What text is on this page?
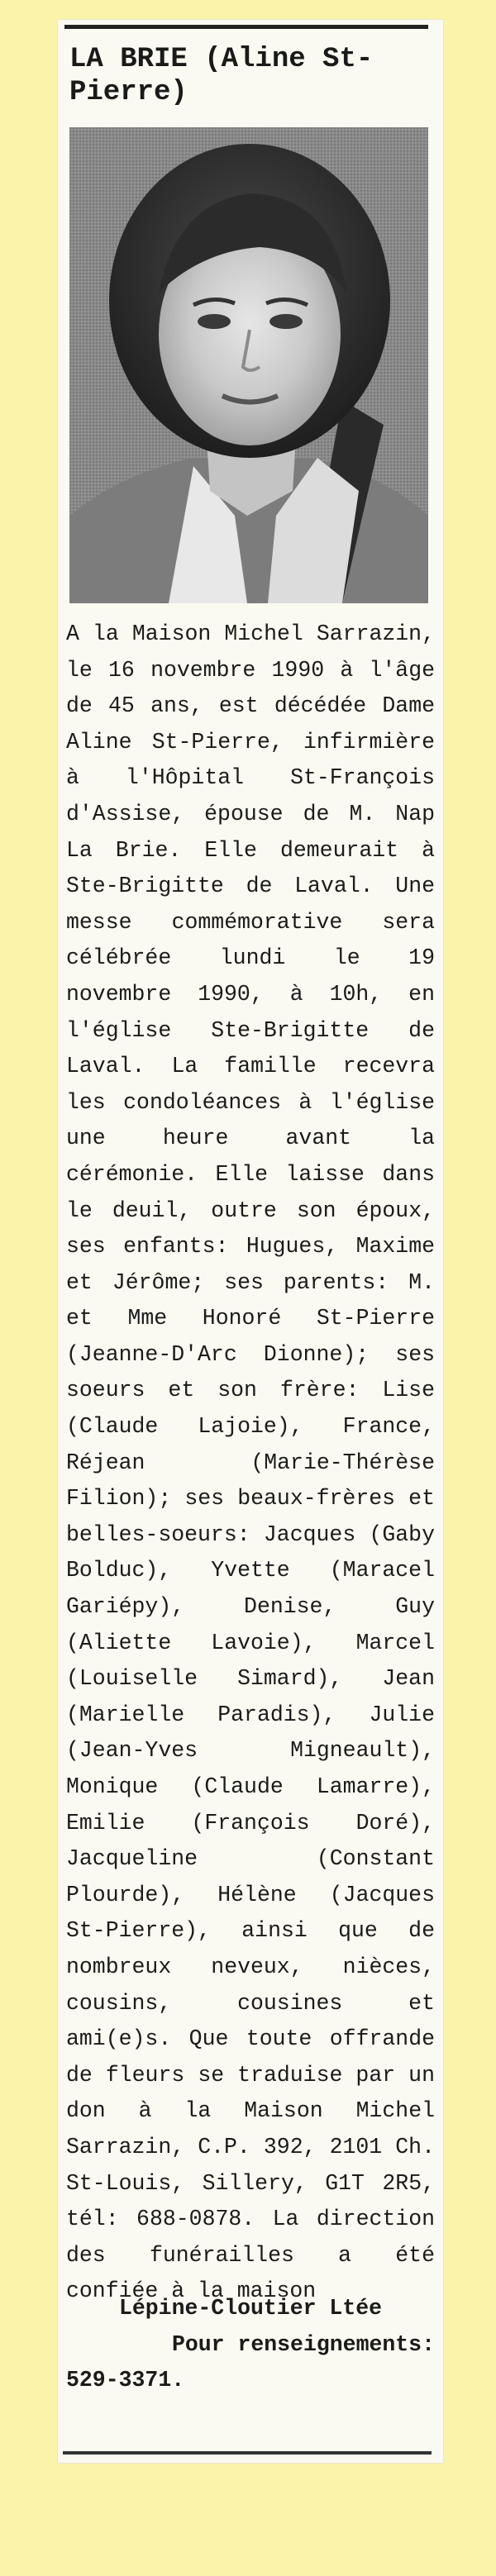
LA BRIE (Aline St-Pierre)

A la Maison Michel Sarrazin, le 16 novembre 1990 à l'âge de 45 ans, est décédée Dame Aline St-Pierre, infirmière à l'Hôpital St-François d'Assise, épouse de M. Nap La Brie. Elle demeurait à Ste-Brigitte de Laval. Une messe commémorative sera célébrée lundi le 19 novembre 1990, à 10h, en l'église Ste-Brigitte de Laval. La famille recevra les condoléances à l'église une heure avant la cérémonie. Elle laisse dans le deuil, outre son époux, ses enfants: Hugues, Maxime et Jérôme; ses parents: M. et Mme Honoré St-Pierre (Jeanne-D'Arc Dionne); ses soeurs et son frère: Lise (Claude Lajoie), France, Réjean (Marie-Thérèse Filion); ses beaux-frères et belles-soeurs: Jacques (Gaby Bolduc), Yvette (Maracel Gariépy), Denise, Guy (Aliette Lavoie), Marcel (Louiselle Simard), Jean (Marielle Paradis), Julie (Jean-Yves Migneault), Monique (Claude Lamarre), Emilie (François Doré), Jacqueline (Constant Plourde), Hélène (Jacques St-Pierre), ainsi que de nombreux neveux, nièces, cousins, cousines et ami(e)s. Que toute offrande de fleurs se traduise par un don à la Maison Michel Sarrazin, C.P. 392, 2101 Ch. St-Louis, Sillery, G1T 2R5, tél: 688-0878. La direction des funérailles a été confiée à la maison

Lépine-Cloutier Ltée
Pour renseignements:
529-3371.
